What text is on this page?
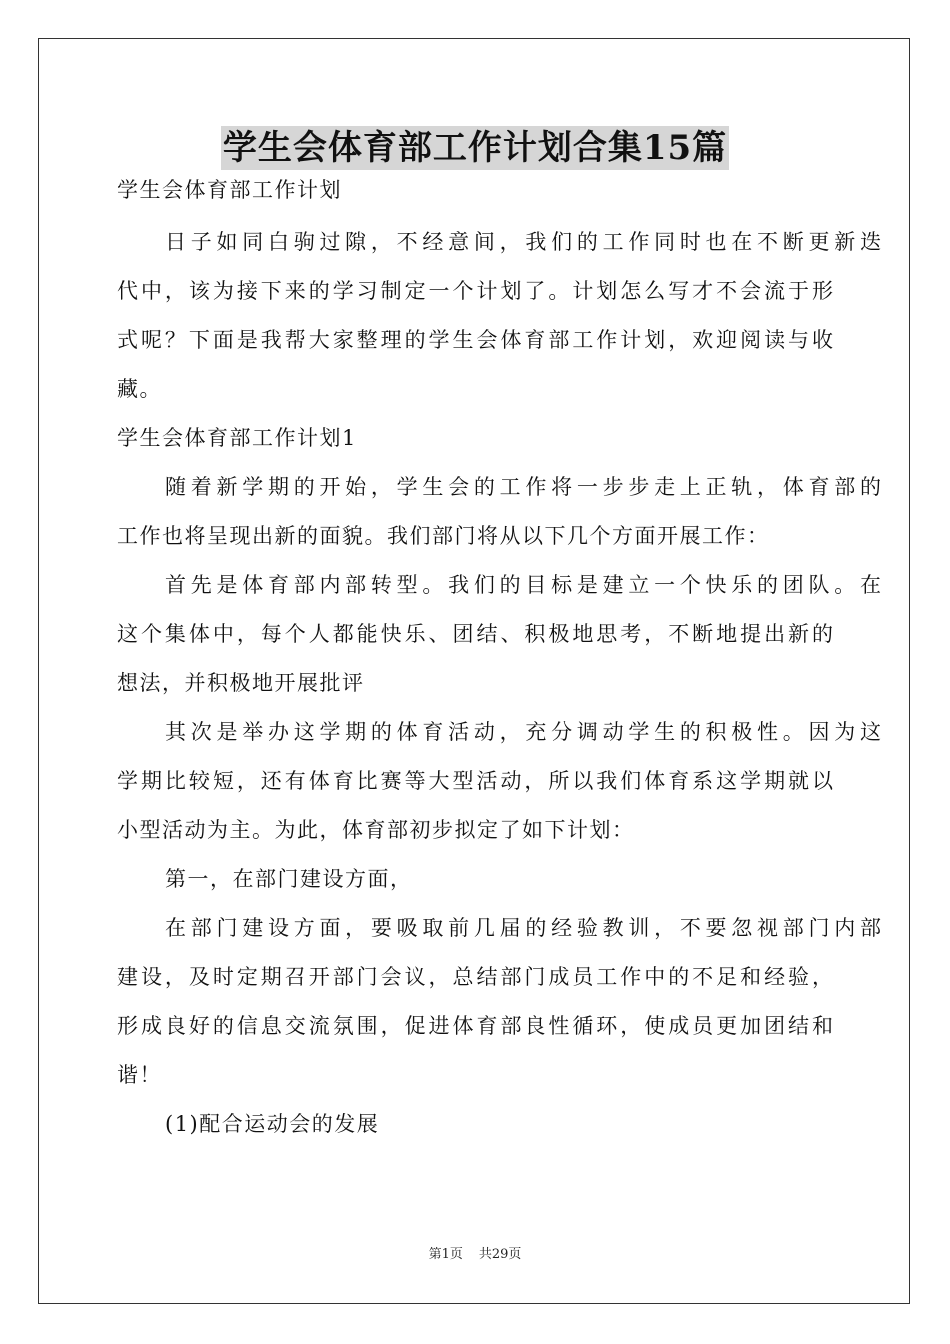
学生会体育部工作计划合集15篇
学生会体育部工作计划
日子如同白驹过隙，不经意间，我们的工作同时也在不断更新迭
代中，该为接下来的学习制定一个计划了。计划怎么写才不会流于形
式呢？下面是我帮大家整理的学生会体育部工作计划，欢迎阅读与收
藏。
学生会体育部工作计划1
随着新学期的开始，学生会的工作将一步步走上正轨，体育部的
工作也将呈现出新的面貌。我们部门将从以下几个方面开展工作：
首先是体育部内部转型。我们的目标是建立一个快乐的团队。在
这个集体中，每个人都能快乐、团结、积极地思考，不断地提出新的
想法，并积极地开展批评
其次是举办这学期的体育活动，充分调动学生的积极性。因为这
学期比较短，还有体育比赛等大型活动，所以我们体育系这学期就以
小型活动为主。为此，体育部初步拟定了如下计划：
第一，在部门建设方面，
在部门建设方面，要吸取前几届的经验教训，不要忽视部门内部
建设，及时定期召开部门会议，总结部门成员工作中的不足和经验，
形成良好的信息交流氛围，促进体育部良性循环，使成员更加团结和
谐！
(1)配合运动会的发展
第1页 共29页
